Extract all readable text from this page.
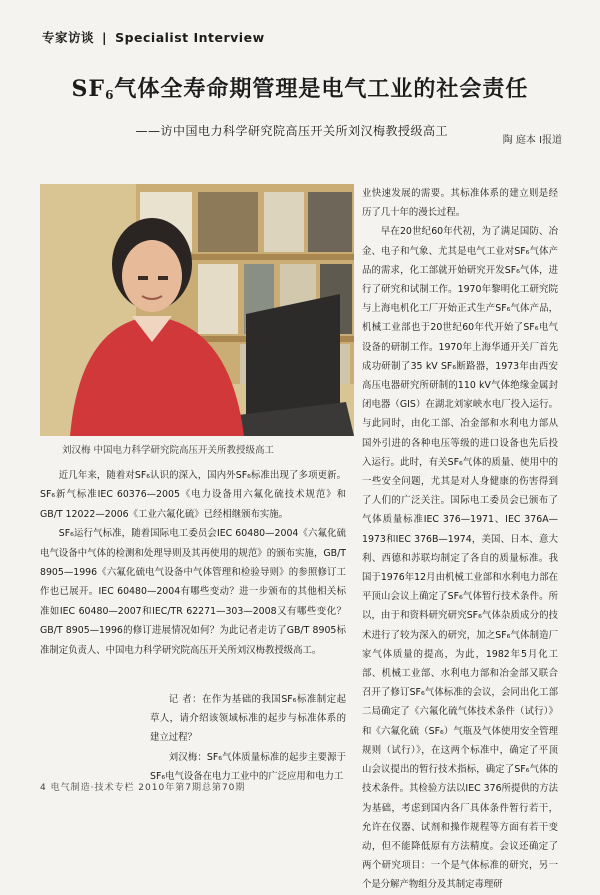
专家访谈 | Specialist Interview
$SF_6$气体全寿命期管理是电气工业的社会责任
——访中国电力科学研究院高压开关所刘汉梅教授级高工
陶 庭本 Ⅰ报道
刘汉梅 中国电力科学研究院高压开关所教授级高工

近几年来，随着对SF₆认识的深入，国内外SF₆标准出现了多项更新。SF₆新气标准IEC 60376—2005《电力设备用六氟化硫技术规范》和GB/T 12022—2006《工业六氟化硫》已经相继颁布实施。

SF₆运行气标准，随着国际电工委员会IEC 60480—2004《六氟化硫电气设备中气体的检测和处理导则及其再使用的规范》的颁布实施，GB/T 8905—1996《六氟化硫电气设备中气体管理和检验导则》的参照修订工作也已展开。IEC 60480—2004有哪些变动？进一步颁布的其他相关标准如IEC 60480—2007和IEC/TR 62271—303—2008又有哪些变化？GB/T 8905—1996的修订进展情况如何？为此记者走访了GB/T 8905标准制定负责人、中国电力科学研究院高压开关所刘汉梅教授级高工。

记 者：在作为基础的我国SF₆标准制定起草人，请介绍该领域标准的起步与标准体系的建立过程？

刘汉梅：SF₆气体质量标准的起步主要源于SF₆电气设备在电力工业中的广泛应用和电力工

业快速发展的需要。其标准体系的建立则是经历了几十年的漫长过程。

早在20世纪60年代初，为了满足国防、冶金、电子和气象、尤其是电气工业对SF₆气体产品的需求，化工部就开始研究开发SF₆气体，进行了研究和试制工作。1970年黎明化工研究院与上海电机化工厂开始正式生产SF₆气体产品，机械工业部也于20世纪60年代开始了SF₆电气设备的研制工作。1970年上海华通开关厂首先成功研制了35 kV SF₆断路器，1973年由西安高压电器研究所研制的110 kV气体绝缘金属封闭电器（GIS）在湖北刘家峡水电厂投入运行。与此同时，由化工部、冶金部和水利电力部从国外引进的各种电压等级的进口设备也先后投入运行。此时，有关SF₆气体的质量、使用中的一些安全问题，尤其是对人身健康的伤害得到了人们的广泛关注。国际电工委员会已颁布了气体质量标准IEC 376—1971、IEC 376A—1973和IEC 376B—1974，美国、日本、意大利、西德和苏联均制定了各自的质量标准。我国于1976年12月由机械工业部和水利电力部在平顶山会议上确定了SF₆气体暂行技术条件。所以，由于和资料研究研究SF₆气体杂质成分的技术进行了较为深入的研究，加之SF₆气体制造厂家气体质量的提高，为此，1982年5月化工部、机械工业部、水利电力部和冶金部又联合召开了修订SF₆气体标准的会议，会同出化工部二局确定了《六氟化硫气体技术条件（试行）》和《六氟化硫（SF₆）气瓶及气体使用安全管理规则（试行）》，在这两个标准中，确定了平顶山会议提出的暂行技术指标，确定了SF₆气体的技术条件。其检验方法以IEC 376所提供的方法为基础，考虑到国内各厂具体条件暂行若干，允许在仪器、试剂和操作规程等方面有若干变动，但不能降低原有方法精度。会议还确定了两个研究项目：一个是气体标准的研究，另一个是分解产物组分及其制定毒理研

4 电气制造·技术专栏 2010年第7期总第70期
